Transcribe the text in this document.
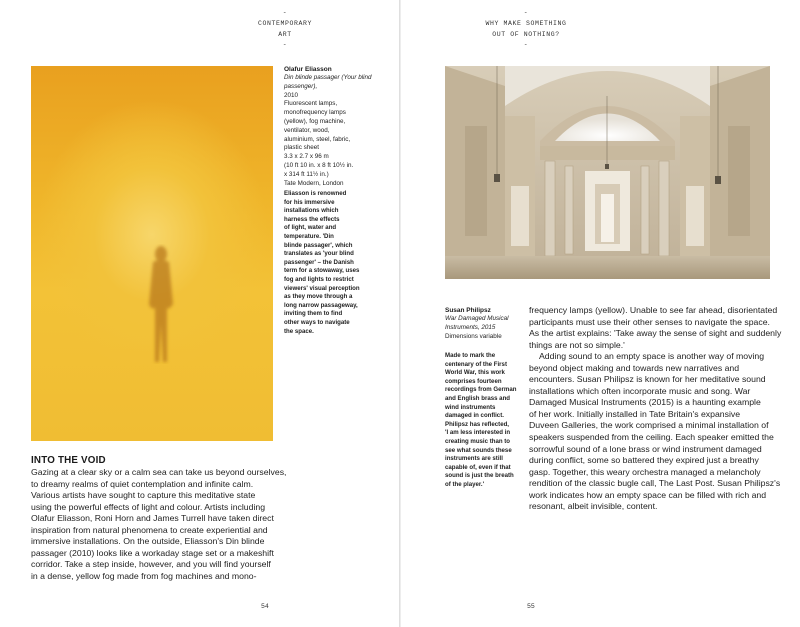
-
CONTEMPORARY
ART
-
Olafur Eliasson
Din blinde passager (Your blind passenger),
2010
Fluorescent lamps,
monofrequency lamps
(yellow), fog machine,
ventilator, wood,
aluminium, steel, fabric,
plastic sheet
3.3 x 2.7 x 96 m
(10 ft 10 in. x 8 ft 10½ in.
x 314 ft 11½ in.)
Tate Modern, London
Eliasson is renowned
for his immersive
installations which
harness the effects
of light, water and
temperature. 'Din
blinde passager', which
translates as 'your blind
passenger' – the Danish
term for a stowaway, uses
fog and lights to restrict
viewers' visual perception
as they move through a
long narrow passageway,
inviting them to find
other ways to navigate
the space.
INTO THE VOID
Gazing at a clear sky or a calm sea can take us beyond ourselves,
to dreamy realms of quiet contemplation and infinite calm.
Various artists have sought to capture this meditative state
using the powerful effects of light and colour. Artists including
Olafur Eliasson, Roni Horn and James Turrell have taken direct
inspiration from natural phenomena to create experiential and
immersive installations. On the outside, Eliasson's Din blinde
passager (2010) looks like a workaday stage set or a makeshift
corridor. Take a step inside, however, and you will find yourself
in a dense, yellow fog made from fog machines and mono-
54
-
WHY MAKE SOMETHING
OUT OF NOTHING?
-
Susan Philipsz
War Damaged Musical
Instruments, 2015
Dimensions variable
Made to mark the
centenary of the First
World War, this work
comprises fourteen
recordings from German
and English brass and
wind instruments
damaged in conflict.
Philipsz has reflected,
'I am less interested in
creating music than to
see what sounds these
instruments are still
capable of, even if that
sound is just the breath
of the player.'
frequency lamps (yellow). Unable to see far ahead, disorientated
participants must use their other senses to navigate the space.
As the artist explains: 'Take away the sense of sight and suddenly
things are not so simple.'
Adding sound to an empty space is another way of moving
beyond object making and towards new narratives and
encounters. Susan Philipsz is known for her meditative sound
installations which often incorporate music and song. War
Damaged Musical Instruments (2015) is a haunting example
of her work. Initially installed in Tate Britain's expansive
Duveen Galleries, the work comprised a minimal installation of
speakers suspended from the ceiling. Each speaker emitted the
sorrowful sound of a lone brass or wind instrument damaged
during conflict, some so battered they expired just a breathy
gasp. Together, this weary orchestra managed a melancholy
rendition of the classic bugle call, The Last Post. Susan Philipsz's
work indicates how an empty space can be filled with rich and
resonant, albeit invisible, content.
55
